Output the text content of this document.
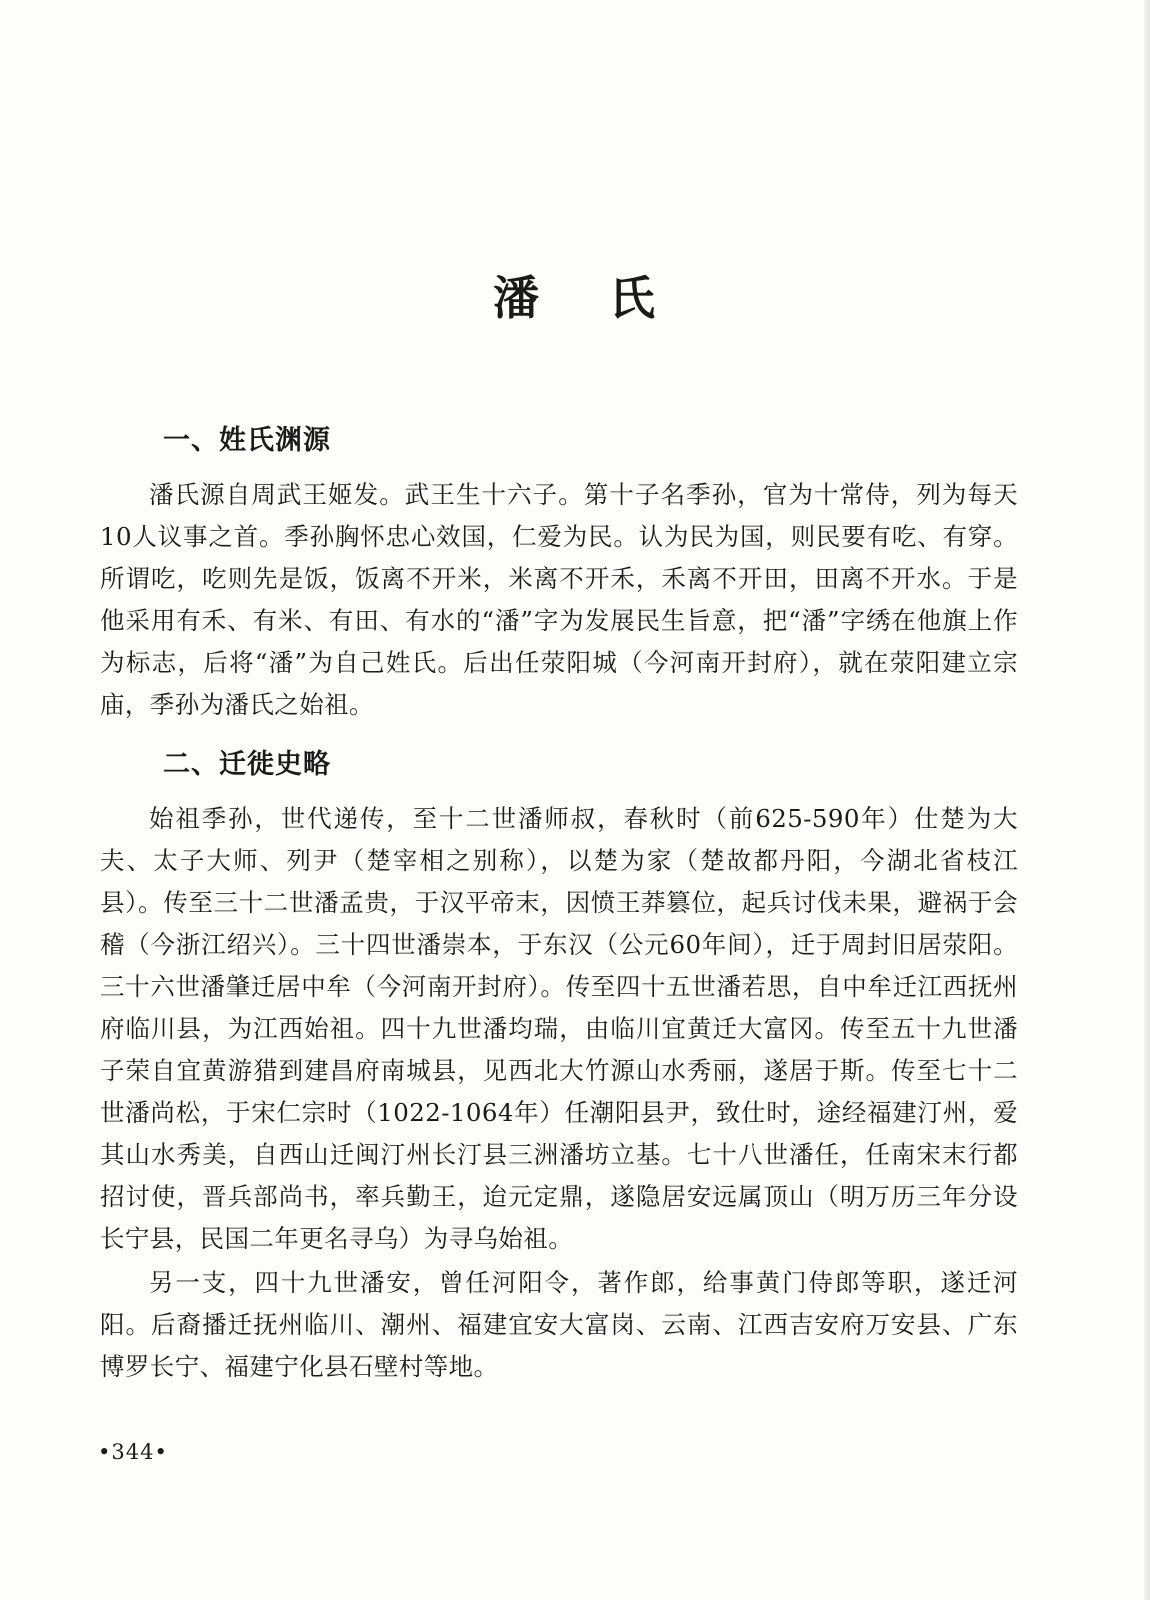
潘 氏
一、姓氏渊源

潘氏源自周武王姬发。武王生十六子。第十子名季孙，官为十常侍，列为每天10人议事之首。季孙胸怀忠心效国，仁爱为民。认为民为国，则民要有吃、有穿。所谓吃，吃则先是饭，饭离不开米，米离不开禾，禾离不开田，田离不开水。于是他采用有禾、有米、有田、有水的“潘”字为发展民生旨意，把“潘”字绣在他旗上作为标志，后将“潘”为自己姓氏。后出任荥阳城（今河南开封府），就在荥阳建立宗庙，季孙为潘氏之始祖。

二、迁徙史略

始祖季孙，世代递传，至十二世潘师叔，春秋时（前625-590年）仕楚为大夫、太子大师、列尹（楚宰相之别称），以楚为家（楚故都丹阳，今湖北省枝江县）。传至三十二世潘孟贵，于汉平帝末，因愤王莽篡位，起兵讨伐未果，避祸于会稽（今浙江绍兴）。三十四世潘崇本，于东汉（公元60年间），迁于周封旧居荥阳。三十六世潘肇迁居中牟（今河南开封府）。传至四十五世潘若思，自中牟迁江西抚州府临川县，为江西始祖。四十九世潘均瑞，由临川宜黄迁大富冈。传至五十九世潘子荣自宜黄游猎到建昌府南城县，见西北大竹源山水秀丽，遂居于斯。传至七十二世潘尚松，于宋仁宗时（1022-1064年）任潮阳县尹，致仕时，途经福建汀州，爱其山水秀美，自西山迁闽汀州长汀县三洲潘坊立基。七十八世潘任，任南宋末行都招讨使，晋兵部尚书，率兵勤王，迨元定鼎，遂隐居安远属顶山（明万历三年分设长宁县，民国二年更名寻乌）为寻乌始祖。

另一支，四十九世潘安，曾任河阳令，著作郎，给事黄门侍郎等职，遂迁河阳。后裔播迁抚州临川、潮州、福建宜安大富岗、云南、江西吉安府万安县、广东博罗长宁、福建宁化县石壁村等地。

•344•
